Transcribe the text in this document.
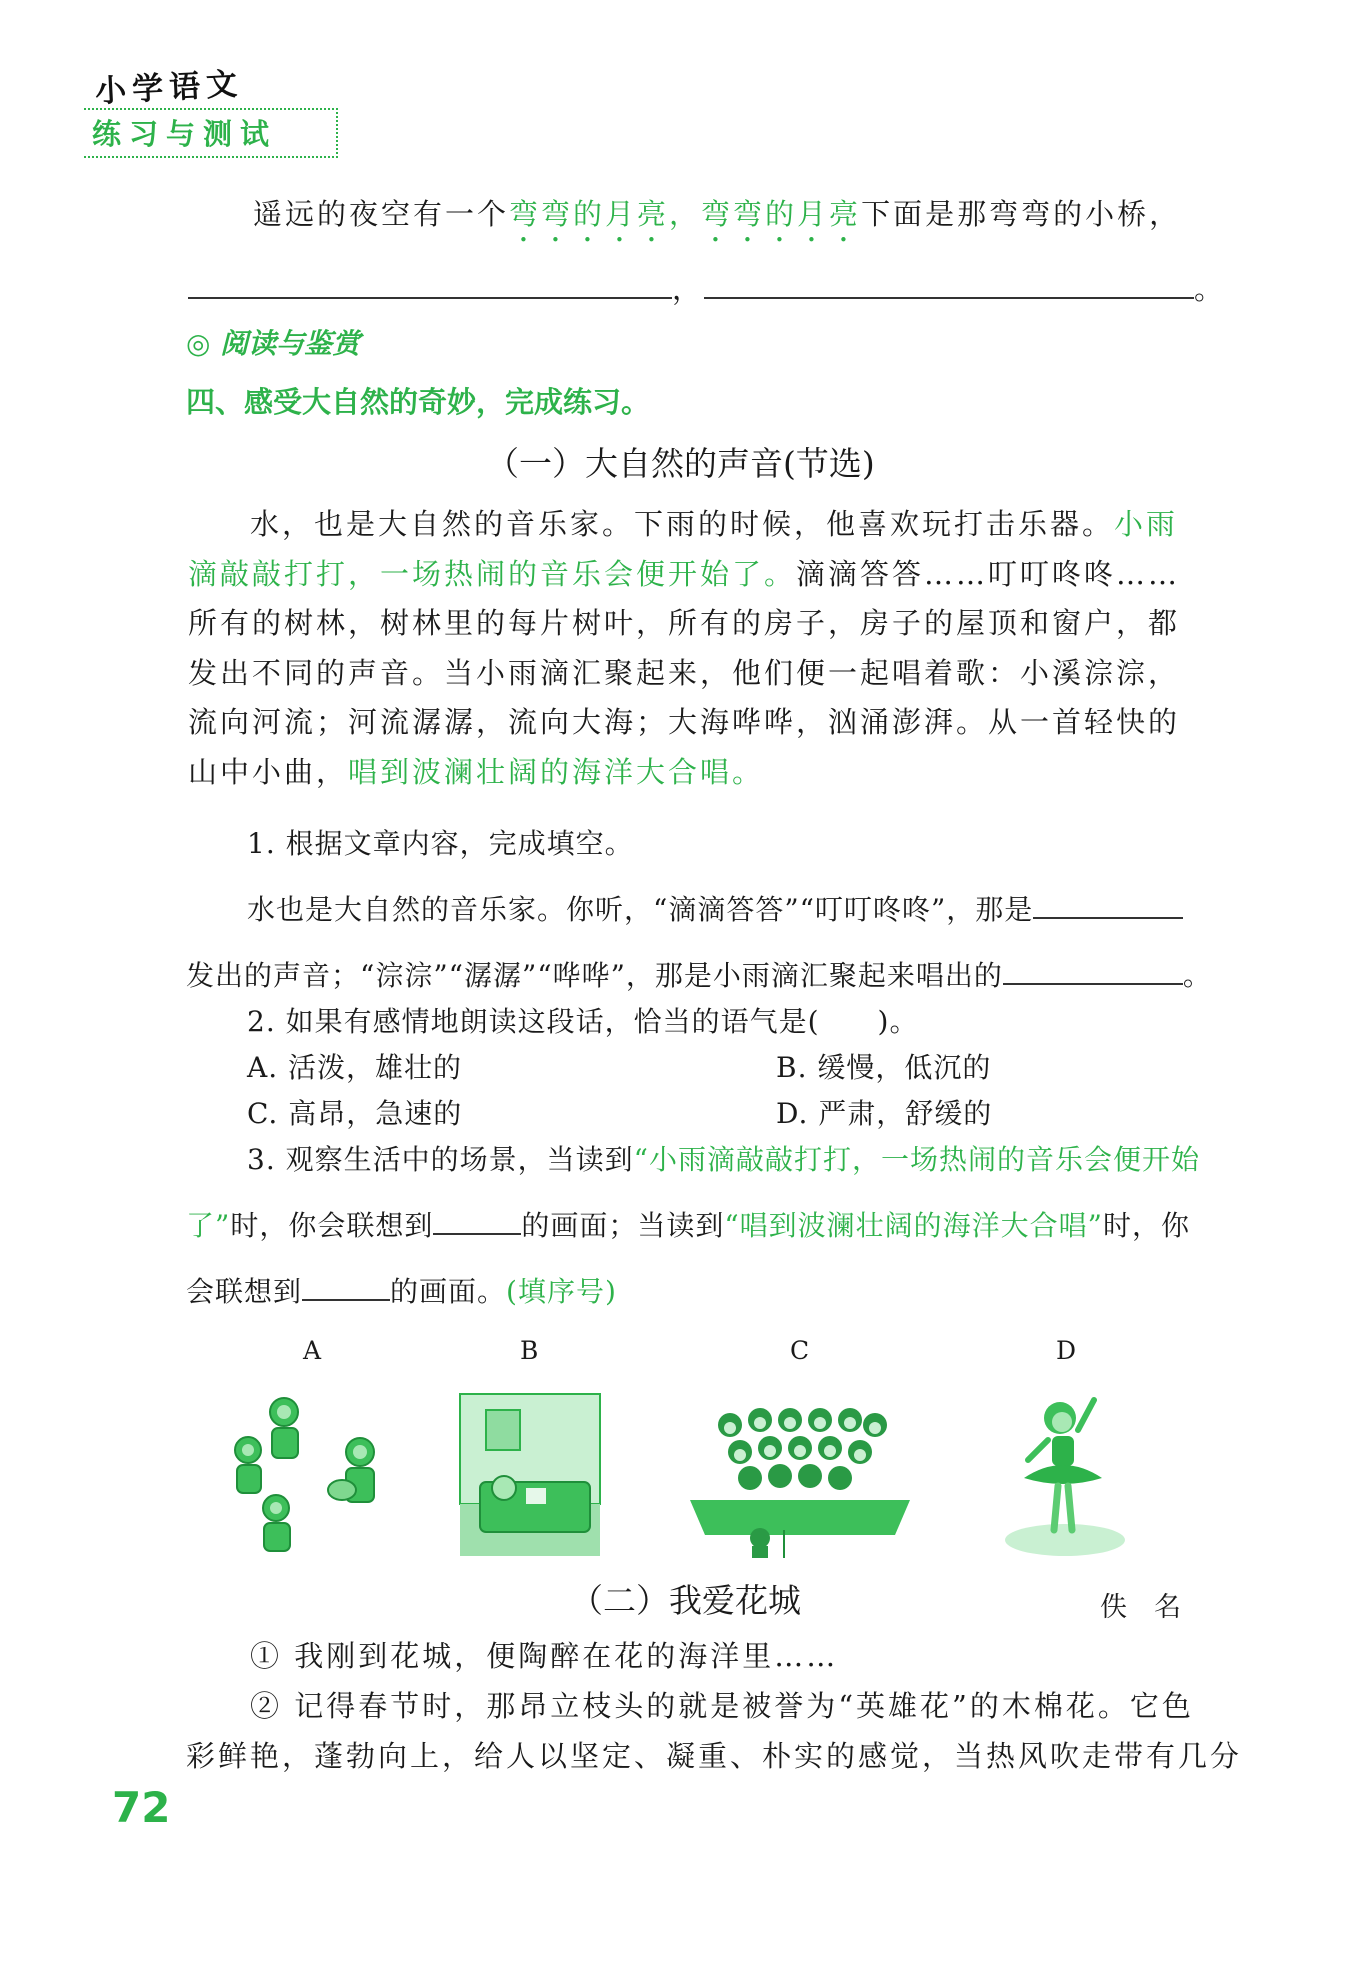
小学语文
练习与测试
遥远的夜空有一个弯弯的月亮，弯弯的月亮下面是那弯弯的小桥，
，	。
◎ 阅读与鉴赏
四、感受大自然的奇妙，完成练习。
（一）大自然的声音(节选)
水，也是大自然的音乐家。下雨的时候，他喜欢玩打击乐器。小雨滴敲敲打打，一场热闹的音乐会便开始了。滴滴答答……叮叮咚咚……所有的树林，树林里的每片树叶，所有的房子，房子的屋顶和窗户，都发出不同的声音。当小雨滴汇聚起来，他们便一起唱着歌：小溪淙淙，流向河流；河流潺潺，流向大海；大海哗哗，汹涌澎湃。从一首轻快的山中小曲，唱到波澜壮阔的海洋大合唱。
1. 根据文章内容，完成填空。
水也是大自然的音乐家。你听，“滴滴答答”“叮叮咚咚”，那是
发出的声音；“淙淙”“潺潺”“哗哗”，那是小雨滴汇聚起来唱出的	。
2. 如果有感情地朗读这段话，恰当的语气是(　　)。
A. 活泼，雄壮的	B. 缓慢，低沉的
C. 高昂，急速的	D. 严肃，舒缓的
3. 观察生活中的场景，当读到“小雨滴敲敲打打，一场热闹的音乐会便开始
了”时，你会联想到	的画面；当读到“唱到波澜壮阔的海洋大合唱”时，你
会联想到	的画面。(填序号)
A	B	C	D
（二）我爱花城	佚　名
① 我刚到花城，便陶醉在花的海洋里……
② 记得春节时，那昂立枝头的就是被誉为“英雄花”的木棉花。它色
彩鲜艳，蓬勃向上，给人以坚定、凝重、朴实的感觉，当热风吹走带有几分
72
